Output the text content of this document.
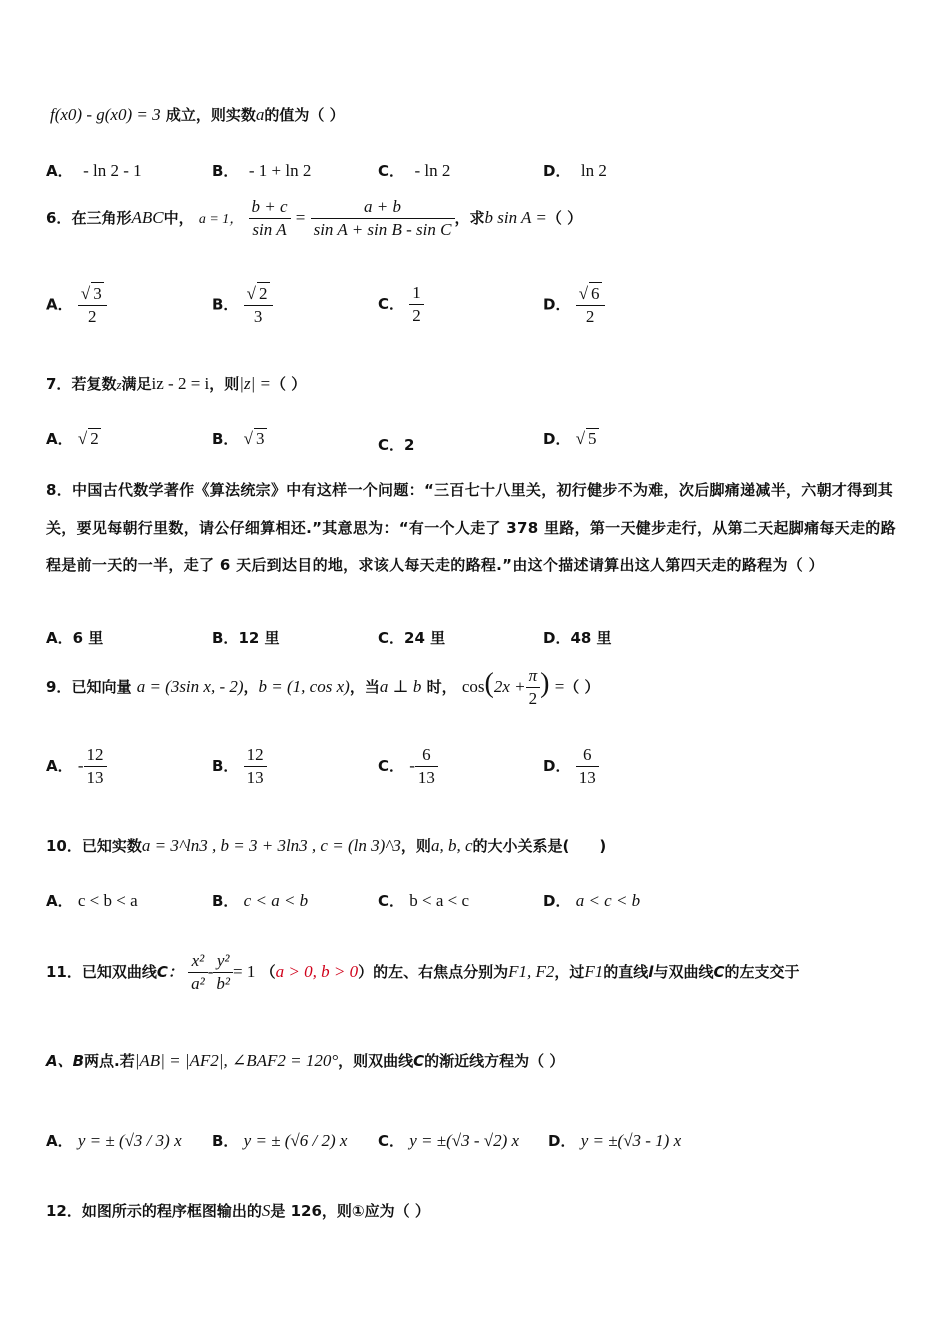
f(x0) - g(x0) = 3 成立，则实数a的值为（ ）
A． - ln 2 - 1	B． - 1 + ln 2	C． - ln 2	D． ln 2
6．在三角形ABC中， a = 1， $\frac{b + c}{\text{sin A}} = \frac{a + b}{\text{sin A + sin B - sin C}}$ ，求b sin A =（ ）
A． $\frac{√ 3}{2}$	B． $\frac{√ 2}{3}$	C． $\frac{1}{2}$	D． $\frac{√ 6}{2}$
7．若复数z满足iz - 2 = i，则|z| =（ ）
A． √ 2	B． √ 3	C．2	D． √ 5
8．中国古代数学著作《算法统宗》中有这样一个问题：“三百七十八里关，初行健步不为难，次后脚痛递减半，六朝才得到其关，要见每朝行里数，请公仔细算相还.”其意思为：“有一个人走了 378 里路，第一天健步走行，从第二天起脚痛每天走的路程是前一天的一半，走了 6 天后到达目的地，求该人每天走的路程.”由这个描述请算出这人第四天走的路程为（ ）
A．6 里	B．12 里	C．24 里	D．48 里
9．已知向量 a = (3sin x, - 2)，b = (1, cos x)，当a ⊥ b 时， $\cos(2x + \frac{\pi}{2}$ ) =（ ）
A． - $\frac{12}{13}$	B． $\frac{12}{13}$	C． - $\frac{6}{13}$	D． $\frac{6}{13}$
10．已知实数a = 3^ln3 , b = 3 + 3ln3 , c = (ln 3)^3，则a, b, c的大小关系是(　　)
A． c < b < a	B． c < a < b	C． b < a < c	D． a < c < b
11．已知双曲线C： $\frac{\text{x²}}{\text{a²}} - \frac{\text{y²}}{\text{b²}} = 1$ （a > 0, b > 0）的左、右焦点分别为F1, F2，过F1的直线l与双曲线C的左支交于
A、B两点.若|AB| = |AF2|, ∠BAF2 = 120°，则双曲线C的渐近线方程为（ ）
A． y = ± (√3 / 3) x B． y = ± (√6 / 2) x C． y = ±(√3 - √2) x D． y = ±(√3 - 1) x
12．如图所示的程序框图输出的S是 126，则①应为（ ）
